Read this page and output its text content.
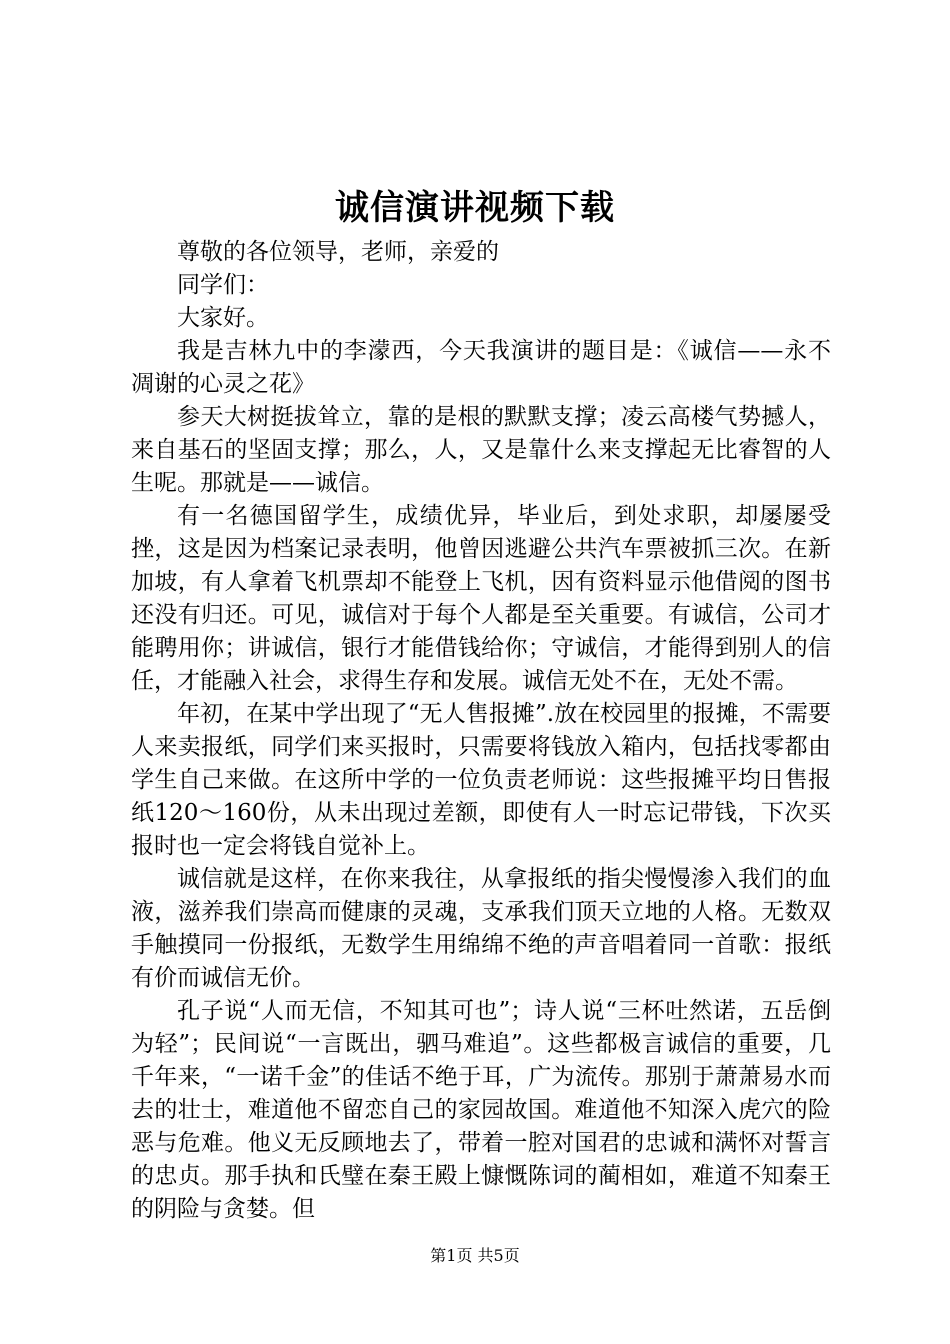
诚信演讲视频下载

尊敬的各位领导，老师，亲爱的

同学们：

大家好。

我是吉林九中的李濛西，今天我演讲的题目是：《诚信——永不凋谢的心灵之花》

参天大树挺拔耸立，靠的是根的默默支撑；凌云高楼气势撼人，来自基石的坚固支撑；那么，人，又是靠什么来支撑起无比睿智的人生呢。那就是——诚信。

有一名德国留学生，成绩优异，毕业后，到处求职，却屡屡受挫，这是因为档案记录表明，他曾因逃避公共汽车票被抓三次。在新加坡，有人拿着飞机票却不能登上飞机，因有资料显示他借阅的图书还没有归还。可见，诚信对于每个人都是至关重要。有诚信，公司才能聘用你；讲诚信，银行才能借钱给你；守诚信，才能得到别人的信任，才能融入社会，求得生存和发展。诚信无处不在，无处不需。

年初，在某中学出现了“无人售报摊”.放在校园里的报摊，不需要人来卖报纸，同学们来买报时，只需要将钱放入箱内，包括找零都由学生自己来做。在这所中学的一位负责老师说：这些报摊平均日售报纸120～160份，从未出现过差额，即使有人一时忘记带钱，下次买报时也一定会将钱自觉补上。

诚信就是这样，在你来我往，从拿报纸的指尖慢慢渗入我们的血液，滋养我们崇高而健康的灵魂，支承我们顶天立地的人格。无数双手触摸同一份报纸，无数学生用绵绵不绝的声音唱着同一首歌：报纸有价而诚信无价。

孔子说“人而无信，不知其可也”；诗人说“三杯吐然诺，五岳倒为轻”；民间说“一言既出，驷马难追”。这些都极言诚信的重要，几千年来，“一诺千金”的佳话不绝于耳，广为流传。那别于萧萧易水而去的壮士，难道他不留恋自己的家园故国。难道他不知深入虎穴的险恶与危难。他义无反顾地去了，带着一腔对国君的忠诚和满怀对誓言的忠贞。那手执和氏璧在秦王殿上慷慨陈词的蔺相如，难道不知秦王的阴险与贪婪。但

第1页 共5页
